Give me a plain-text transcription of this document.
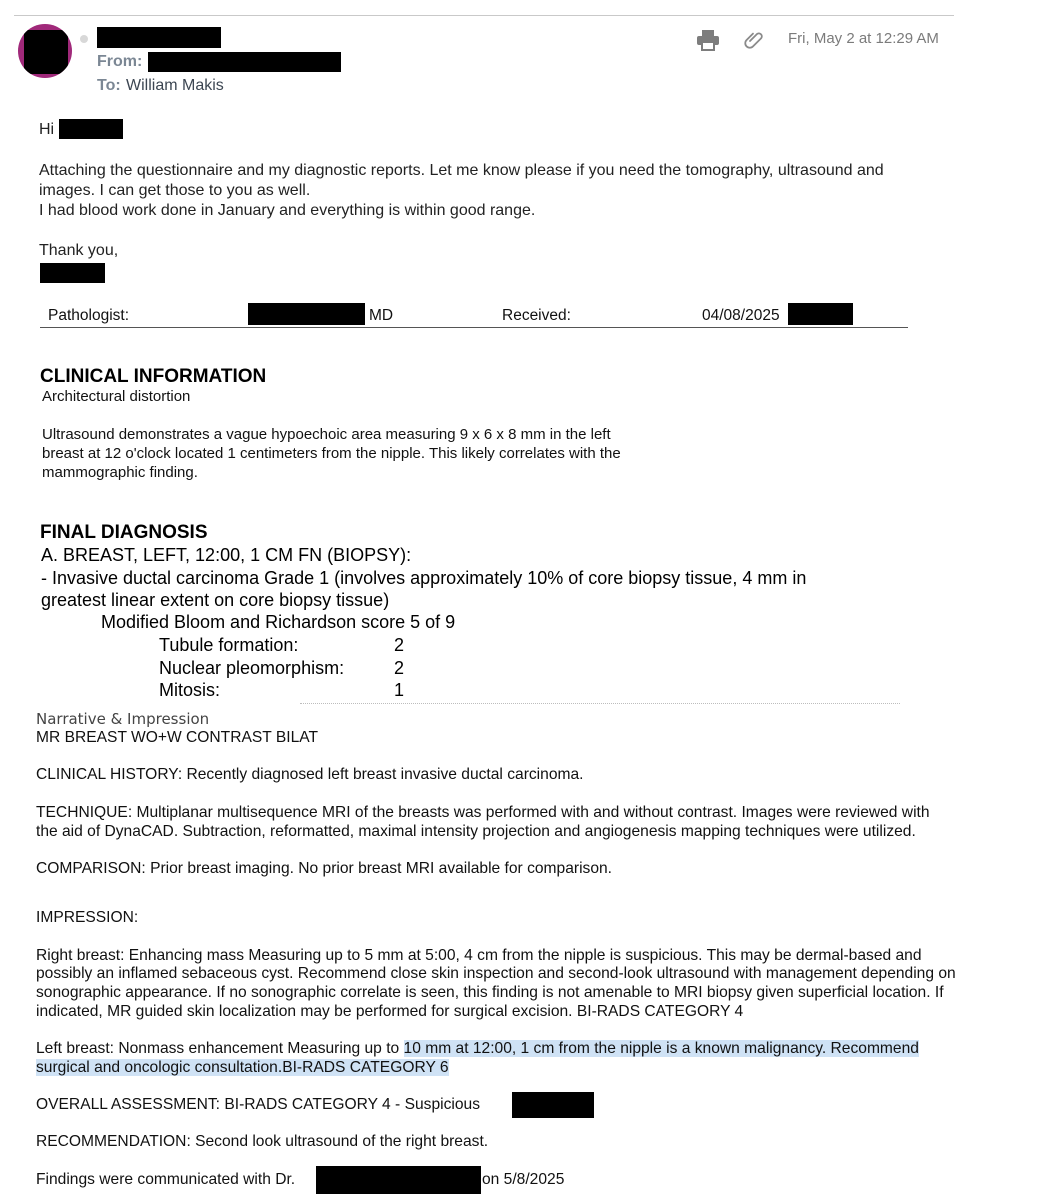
From:
To: William Makis
Fri, May 2 at 12:29 AM
Hi
Attaching the questionnaire and my diagnostic reports. Let me know please if you need the tomography, ultrasound and
images. I can get those to you as well.
I had blood work done in January and everything is within good range.
Thank you,
Pathologist:	MD	Received:	04/08/2025
CLINICAL INFORMATION
Architectural distortion
Ultrasound demonstrates a vague hypoechoic area measuring 9 x 6 x 8 mm in the left
breast at 12 o'clock located 1 centimeters from the nipple. This likely correlates with the
mammographic finding.
FINAL DIAGNOSIS
A. BREAST, LEFT, 12:00, 1 CM FN (BIOPSY):
- Invasive ductal carcinoma Grade 1 (involves approximately 10% of core biopsy tissue, 4 mm in
greatest linear extent on core biopsy tissue)
Modified Bloom and Richardson score 5 of 9
Tubule formation:	2
Nuclear pleomorphism:	2
Mitosis:	1
Narrative & Impression
MR BREAST WO+W CONTRAST BILAT
CLINICAL HISTORY: Recently diagnosed left breast invasive ductal carcinoma.
TECHNIQUE: Multiplanar multisequence MRI of the breasts was performed with and without contrast. Images were reviewed with
the aid of DynaCAD. Subtraction, reformatted, maximal intensity projection and angiogenesis mapping techniques were utilized.
COMPARISON: Prior breast imaging. No prior breast MRI available for comparison.
IMPRESSION:
Right breast: Enhancing mass Measuring up to 5 mm at 5:00, 4 cm from the nipple is suspicious. This may be dermal-based and
possibly an inflamed sebaceous cyst. Recommend close skin inspection and second-look ultrasound with management depending on
sonographic appearance. If no sonographic correlate is seen, this finding is not amenable to MRI biopsy given superficial location. If
indicated, MR guided skin localization may be performed for surgical excision. BI-RADS CATEGORY 4
Left breast: Nonmass enhancement Measuring up to 10 mm at 12:00, 1 cm from the nipple is a known malignancy. Recommend
surgical and oncologic consultation.BI-RADS CATEGORY 6
OVERALL ASSESSMENT: BI-RADS CATEGORY 4 - Suspicious
RECOMMENDATION: Second look ultrasound of the right breast.
Findings were communicated with Dr.	on 5/8/2025
